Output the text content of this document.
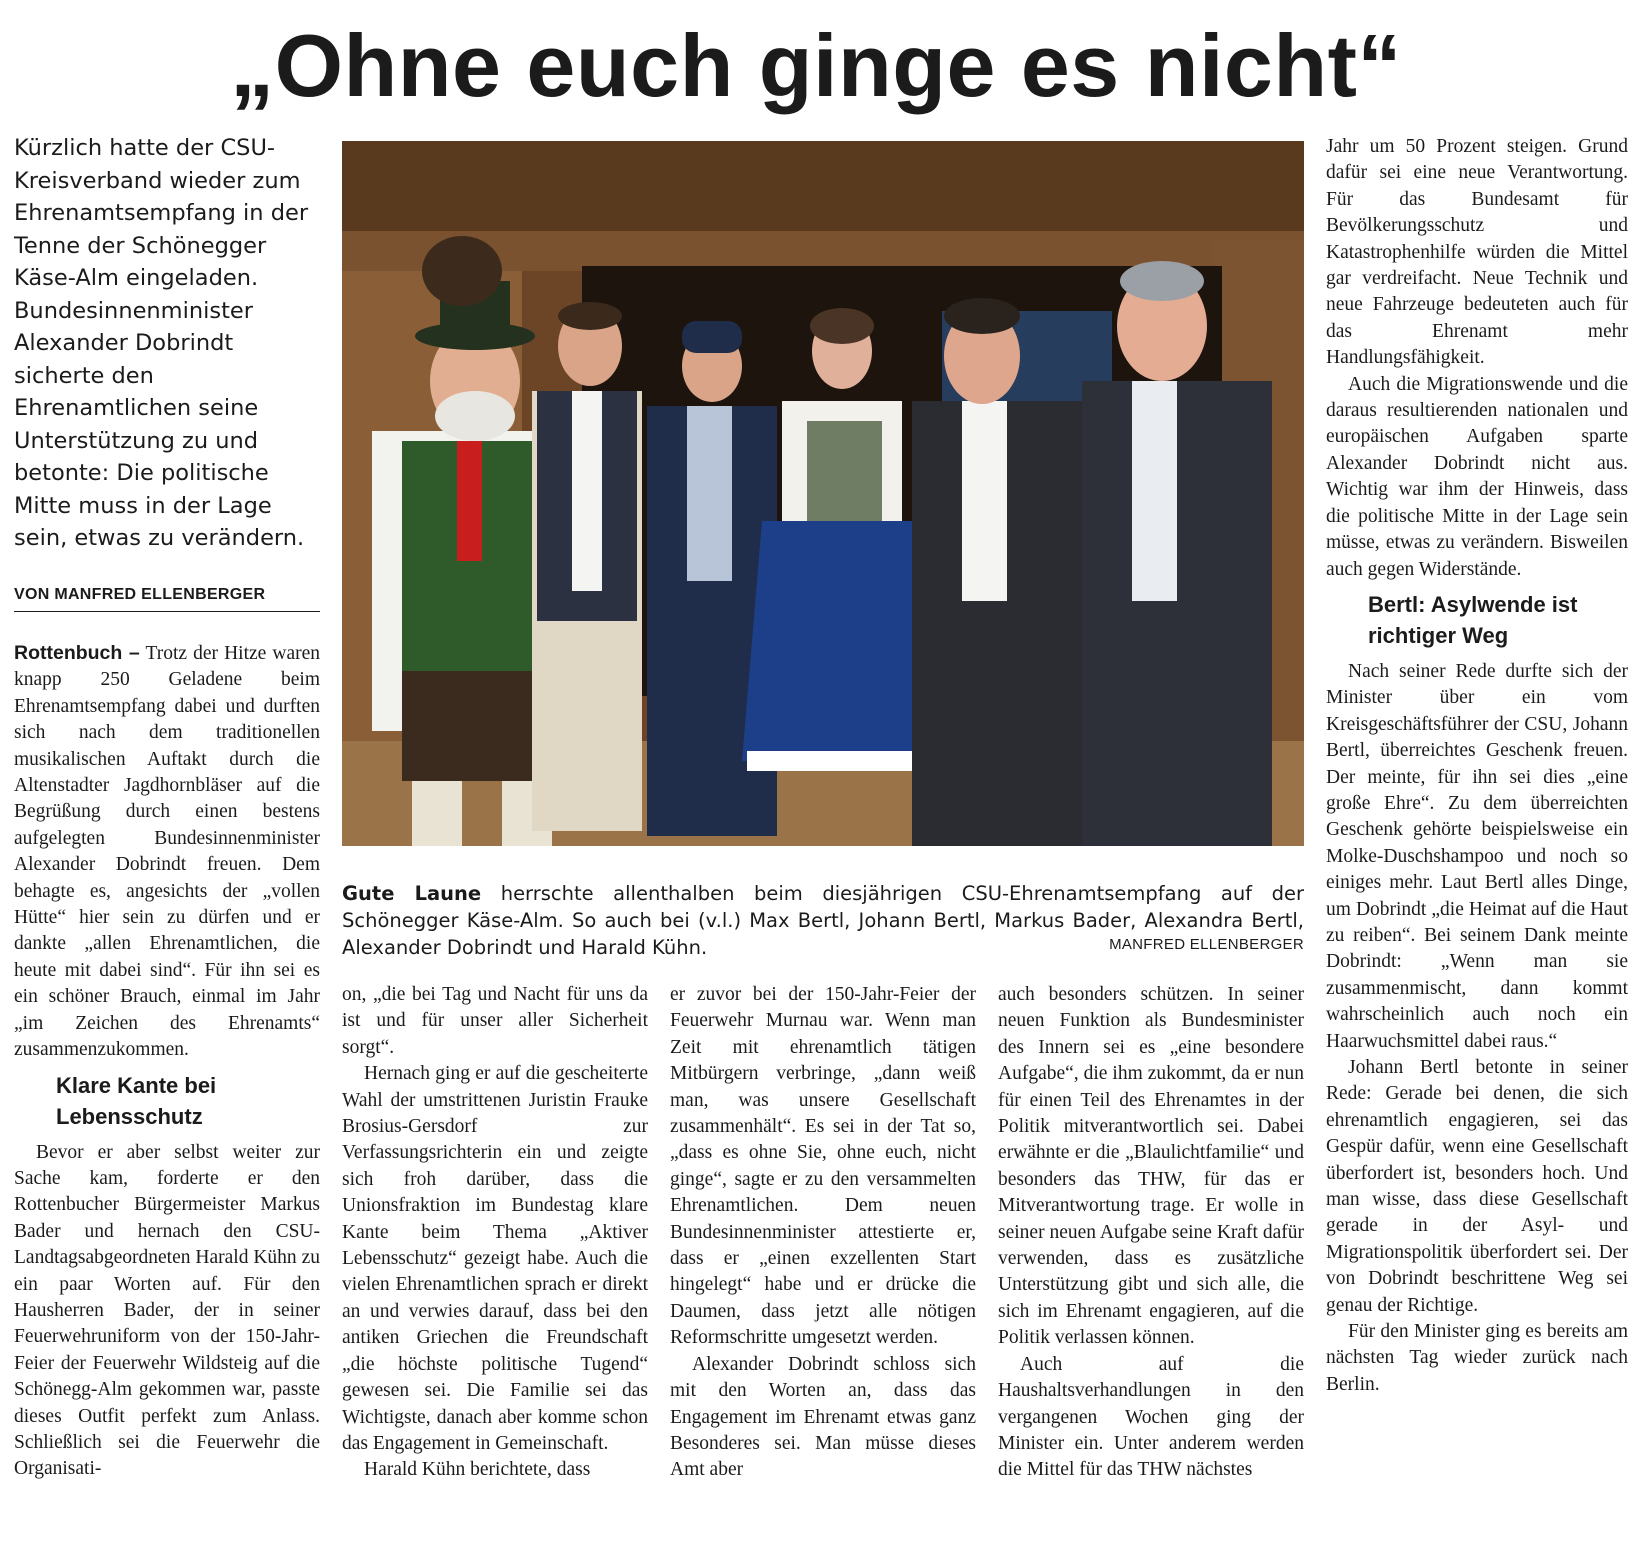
„Ohne euch ginge es nicht“

Kürzlich hatte der CSU-Kreisverband wieder zum Ehrenamtsempfang in der Tenne der Schönegger Käse-Alm eingeladen. Bundesinnenminister Alexander Dobrindt sicherte den Ehrenamtlichen seine Unterstützung zu und betonte: Die politische Mitte muss in der Lage sein, etwas zu verändern.

VON MANFRED ELLENBERGER

Rottenbuch – Trotz der Hitze waren knapp 250 Geladene beim Ehrenamtsempfang dabei und durften sich nach dem traditionellen musikalischen Auftakt durch die Altenstadter Jagdhornbläser auf die Begrüßung durch einen bestens aufgelegten Bundesinnenminister Alexander Dobrindt freuen. Dem behagte es, angesichts der „vollen Hütte“ hier sein zu dürfen und er dankte „allen Ehrenamtlichen, die heute mit dabei sind“. Für ihn sei es ein schöner Brauch, einmal im Jahr „im Zeichen des Ehrenamts“ zusammenzukommen.

Klare Kante bei Lebensschutz

Bevor er aber selbst weiter zur Sache kam, forderte er den Rottenbucher Bürgermeister Markus Bader und hernach den CSU-Landtagsabgeordneten Harald Kühn zu ein paar Worten auf. Für den Hausherren Bader, der in seiner Feuerwehruniform von der 150-Jahr-Feier der Feuerwehr Wildsteig auf die Schönegg-Alm gekommen war, passte dieses Outfit perfekt zum Anlass. Schließlich sei die Feuerwehr die Organisati-

Gute Laune herrschte allenthalben beim diesjährigen CSU-Ehrenamtsempfang auf der Schönegger Käse-Alm. So auch bei (v.l.) Max Bertl, Johann Bertl, Markus Bader, Alexandra Bertl, Alexander Dobrindt und Harald Kühn.	MANFRED ELLENBERGER

on, „die bei Tag und Nacht für uns da ist und für unser aller Sicherheit sorgt“.

Hernach ging er auf die gescheiterte Wahl der umstrittenen Juristin Frauke Brosius-Gersdorf zur Verfassungsrichterin ein und zeigte sich froh darüber, dass die Unionsfraktion im Bundestag klare Kante beim Thema „Aktiver Lebensschutz“ gezeigt habe. Auch die vielen Ehrenamtlichen sprach er direkt an und verwies darauf, dass bei den antiken Griechen die Freundschaft „die höchste politische Tugend“ gewesen sei. Die Familie sei das Wichtigste, danach aber komme schon das Engagement in Gemeinschaft.

Harald Kühn berichtete, dass

er zuvor bei der 150-Jahr-Feier der Feuerwehr Murnau war. Wenn man Zeit mit ehrenamtlich tätigen Mitbürgern verbringe, „dann weiß man, was unsere Gesellschaft zusammenhält“. Es sei in der Tat so, „dass es ohne Sie, ohne euch, nicht ginge“, sagte er zu den versammelten Ehrenamtlichen. Dem neuen Bundesinnenminister attestierte er, dass er „einen exzellenten Start hingelegt“ habe und er drücke die Daumen, dass jetzt alle nötigen Reformschritte umgesetzt werden.

Alexander Dobrindt schloss sich mit den Worten an, dass das Engagement im Ehrenamt etwas ganz Besonderes sei. Man müsse dieses Amt aber

auch besonders schützen. In seiner neuen Funktion als Bundesminister des Innern sei es „eine besondere Aufgabe“, die ihm zukommt, da er nun für einen Teil des Ehrenamtes in der Politik mitverantwortlich sei. Dabei erwähnte er die „Blaulichtfamilie“ und besonders das THW, für das er Mitverantwortung trage. Er wolle in seiner neuen Aufgabe seine Kraft dafür verwenden, dass es zusätzliche Unterstützung gibt und sich alle, die sich im Ehrenamt engagieren, auf die Politik verlassen können.

Auch auf die Haushaltsverhandlungen in den vergangenen Wochen ging der Minister ein. Unter anderem werden die Mittel für das THW nächstes

Jahr um 50 Prozent steigen. Grund dafür sei eine neue Verantwortung. Für das Bundesamt für Bevölkerungsschutz und Katastrophenhilfe würden die Mittel gar verdreifacht. Neue Technik und neue Fahrzeuge bedeuteten auch für das Ehrenamt mehr Handlungsfähigkeit.

Auch die Migrationswende und die daraus resultierenden nationalen und europäischen Aufgaben sparte Alexander Dobrindt nicht aus. Wichtig war ihm der Hinweis, dass die politische Mitte in der Lage sein müsse, etwas zu verändern. Bisweilen auch gegen Widerstände.

Bertl: Asylwende ist richtiger Weg

Nach seiner Rede durfte sich der Minister über ein vom Kreisgeschäftsführer der CSU, Johann Bertl, überreichtes Geschenk freuen. Der meinte, für ihn sei dies „eine große Ehre“. Zu dem überreichten Geschenk gehörte beispielsweise ein Molke-Duschshampoo und noch so einiges mehr. Laut Bertl alles Dinge, um Dobrindt „die Heimat auf die Haut zu reiben“. Bei seinem Dank meinte Dobrindt: „Wenn man sie zusammenmischt, dann kommt wahrscheinlich auch noch ein Haarwuchsmittel dabei raus.“

Johann Bertl betonte in seiner Rede: Gerade bei denen, die sich ehrenamtlich engagieren, sei das Gespür dafür, wenn eine Gesellschaft überfordert ist, besonders hoch. Und man wisse, dass diese Gesellschaft gerade in der Asyl- und Migrationspolitik überfordert sei. Der von Dobrindt beschrittene Weg sei genau der Richtige.

Für den Minister ging es bereits am nächsten Tag wieder zurück nach Berlin.
